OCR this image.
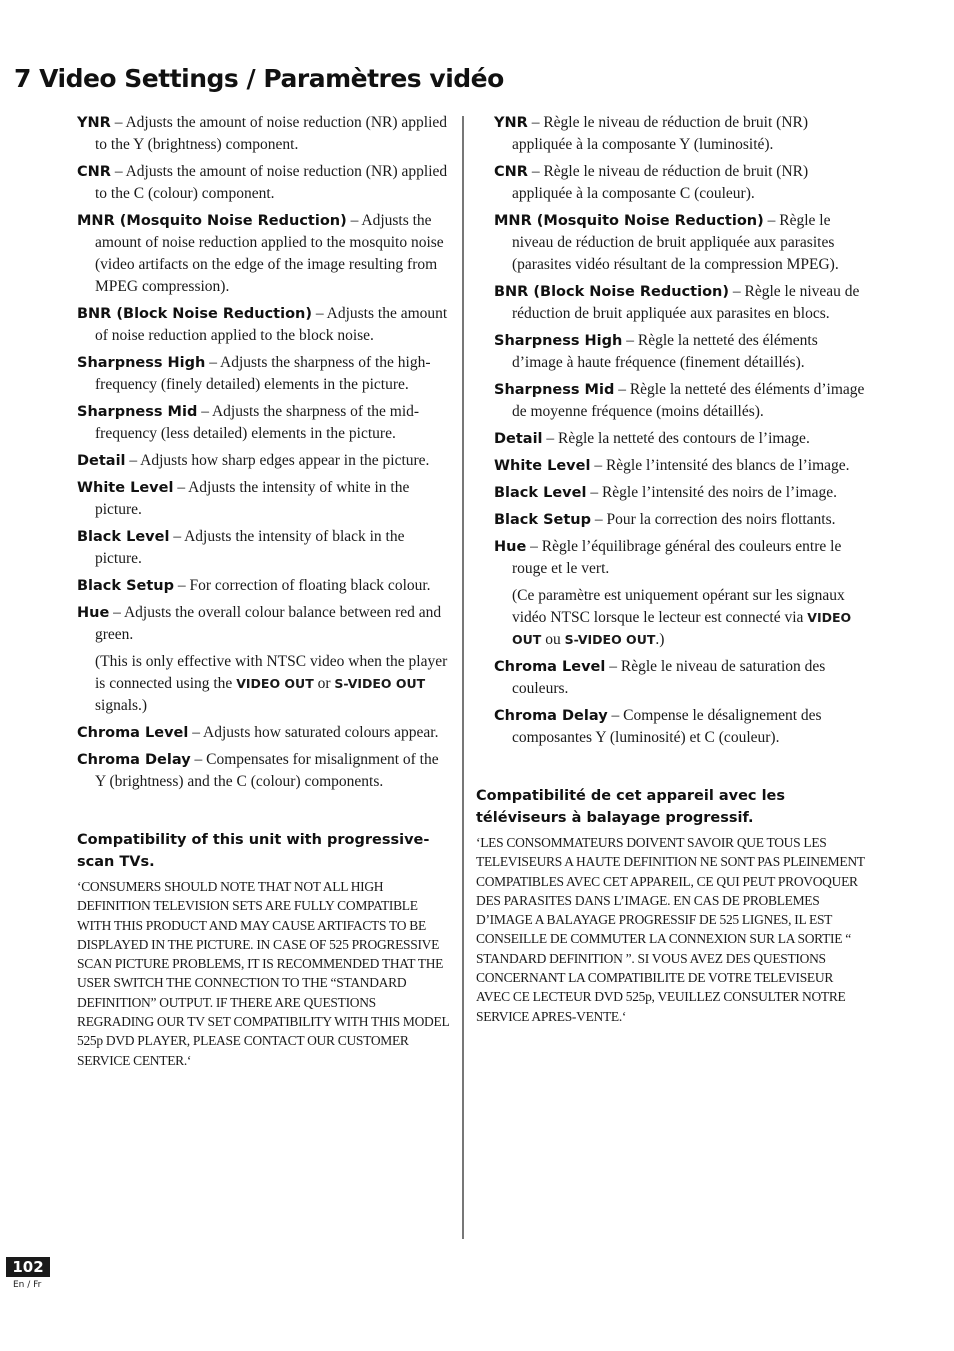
7 Video Settings / Paramètres vidéo

YNR – Adjusts the amount of noise reduction (NR) applied to the Y (brightness) component.

CNR – Adjusts the amount of noise reduction (NR) applied to the C (colour) component.

MNR (Mosquito Noise Reduction) – Adjusts the amount of noise reduction applied to the mosquito noise (video artifacts on the edge of the image resulting from MPEG compression).

BNR (Block Noise Reduction) – Adjusts the amount of noise reduction applied to the block noise.

Sharpness High – Adjusts the sharpness of the high-frequency (finely detailed) elements in the picture.

Sharpness Mid – Adjusts the sharpness of the mid-frequency (less detailed) elements in the picture.

Detail – Adjusts how sharp edges appear in the picture.

White Level – Adjusts the intensity of white in the picture.

Black Level – Adjusts the intensity of black in the picture.

Black Setup – For correction of floating black colour.

Hue – Adjusts the overall colour balance between red and green.

(This is only effective with NTSC video when the player is connected using the VIDEO OUT or S-VIDEO OUT signals.)

Chroma Level – Adjusts how saturated colours appear.

Chroma Delay – Compensates for misalignment of the Y (brightness) and the C (colour) components.

Compatibility of this unit with progressive-scan TVs.

‘CONSUMERS SHOULD NOTE THAT NOT ALL HIGH DEFINITION TELEVISION SETS ARE FULLY COMPATIBLE WITH THIS PRODUCT AND MAY CAUSE ARTIFACTS TO BE DISPLAYED IN THE PICTURE. IN CASE OF 525 PROGRESSIVE SCAN PICTURE PROBLEMS, IT IS RECOMMENDED THAT THE USER SWITCH THE CONNECTION TO THE “STANDARD DEFINITION” OUTPUT. IF THERE ARE QUESTIONS REGRADING OUR TV SET COMPATIBILITY WITH THIS MODEL 525p DVD PLAYER, PLEASE CONTACT OUR CUSTOMER SERVICE CENTER.‘

YNR – Règle le niveau de réduction de bruit (NR) appliquée à la composante Y (luminosité).

CNR – Règle le niveau de réduction de bruit (NR) appliquée à la composante C (couleur).

MNR (Mosquito Noise Reduction) – Règle le niveau de réduction de bruit appliquée aux parasites (parasites vidéo résultant de la compression MPEG).

BNR (Block Noise Reduction) – Règle le niveau de réduction de bruit appliquée aux parasites en blocs.

Sharpness High – Règle la netteté des éléments d’image à haute fréquence (finement détaillés).

Sharpness Mid – Règle la netteté des éléments d’image de moyenne fréquence (moins détaillés).

Detail – Règle la netteté des contours de l’image.

White Level – Règle l’intensité des blancs de l’image.

Black Level – Règle l’intensité des noirs de l’image.

Black Setup – Pour la correction des noirs flottants.

Hue – Règle l’équilibrage général des couleurs entre le rouge et le vert.

(Ce paramètre est uniquement opérant sur les signaux vidéo NTSC lorsque le lecteur est connecté via VIDEO OUT ou S-VIDEO OUT.)

Chroma Level – Règle le niveau de saturation des couleurs.

Chroma Delay – Compense le désalignement des composantes Y (luminosité) et C (couleur).

Compatibilité de cet appareil avec les téléviseurs à balayage progressif.

‘LES CONSOMMATEURS DOIVENT SAVOIR QUE TOUS LES TELEVISEURS A HAUTE DEFINITION NE SONT PAS PLEINEMENT COMPATIBLES AVEC CET APPAREIL, CE QUI PEUT PROVOQUER DES PARASITES DANS L’IMAGE. EN CAS DE PROBLEMES D’IMAGE A BALAYAGE PROGRESSIF DE 525 LIGNES, IL EST CONSEILLE DE COMMUTER LA CONNEXION SUR LA SORTIE “ STANDARD DEFINITION ”. SI VOUS AVEZ DES QUESTIONS CONCERNANT LA COMPATIBILITE DE VOTRE TELEVISEUR AVEC CE LECTEUR DVD 525p, VEUILLEZ CONSULTER NOTRE SERVICE APRES-VENTE.‘

102
En / Fr
